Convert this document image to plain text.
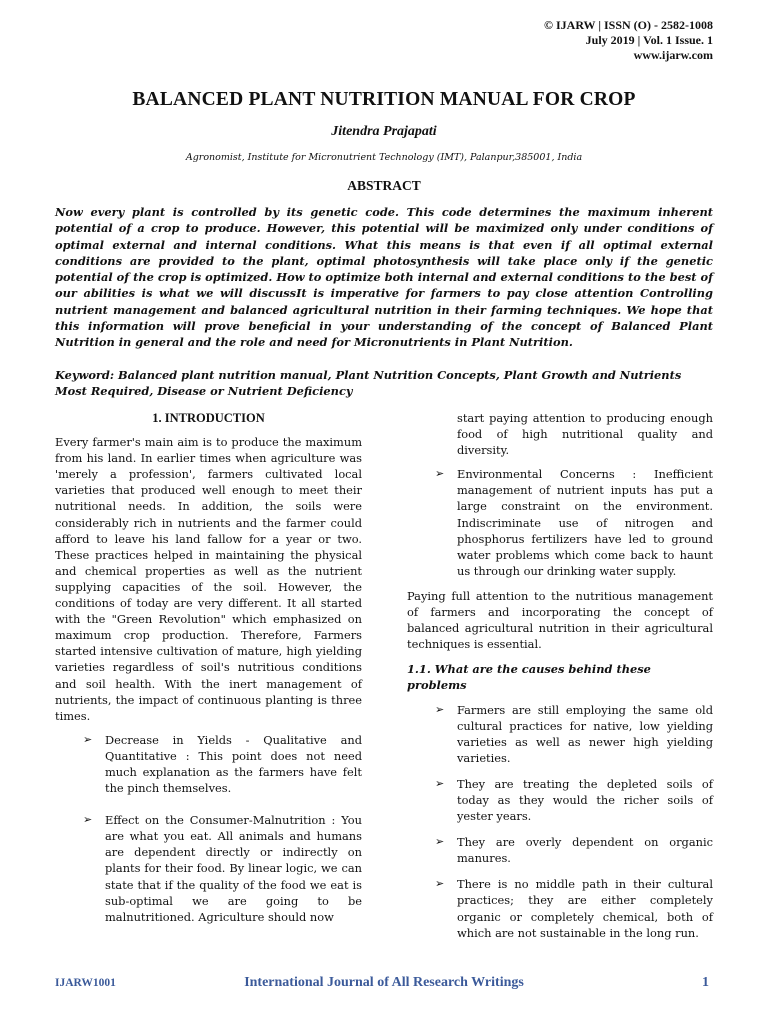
© IJARW | ISSN (O) - 2582-1008
July 2019 | Vol. 1 Issue. 1
www.ijarw.com
BALANCED PLANT NUTRITION MANUAL FOR CROP
Jitendra Prajapati
Agronomist, Institute for Micronutrient Technology (IMT), Palanpur,385001, India
ABSTRACT

Now every plant is controlled by its genetic code. This code determines the maximum inherent potential of a crop to produce. However, this potential will be maximized only under conditions of optimal external and internal conditions. What this means is that even if all optimal external conditions are provided to the plant, optimal photosynthesis will take place only if the genetic potential of the crop is optimized. How to optimize both internal and external conditions to the best of our abilities is what we will discussIt is imperative for farmers to pay close attention Controlling nutrient management and balanced agricultural nutrition in their farming techniques. We hope that this information will prove beneficial in your understanding of the concept of Balanced Plant Nutrition in general and the role and need for Micronutrients in Plant Nutrition.

Keyword: Balanced plant nutrition manual, Plant Nutrition Concepts, Plant Growth and Nutrients Most Required, Disease or Nutrient Deficiency

1. INTRODUCTION

Every farmer's main aim is to produce the maximum from his land. In earlier times when agriculture was 'merely a profession', farmers cultivated local varieties that produced well enough to meet their nutritional needs. In addition, the soils were considerably rich in nutrients and the farmer could afford to leave his land fallow for a year or two. These practices helped in maintaining the physical and chemical properties as well as the nutrient supplying capacities of the soil. However, the conditions of today are very different. It all started with the "Green Revolution" which emphasized on maximum crop production. Therefore, Farmers started intensive cultivation of mature, high yielding varieties regardless of soil's nutritious conditions and soil health. With the inert management of nutrients, the impact of continuous planting is three times.

➢ Decrease in Yields - Qualitative and Quantitative : This point does not need much explanation as the farmers have felt the pinch themselves.
➢ Effect on the Consumer-Malnutrition : You are what you eat. All animals and humans are dependent directly or indirectly on plants for their food. By linear logic, we can state that if the quality of the food we eat is sub-optimal we are going to be malnutritioned. Agriculture should now
start paying attention to producing enough food of high nutritional quality and diversity.
➢ Environmental Concerns : Inefficient management of nutrient inputs has put a large constraint on the environment. Indiscriminate use of nitrogen and phosphorus fertilizers have led to ground water problems which come back to haunt us through our drinking water supply.

Paying full attention to the nutritious management of farmers and incorporating the concept of balanced agricultural nutrition in their agricultural techniques is essential.

1.1. What are the causes behind these problems
➢ Farmers are still employing the same old cultural practices for native, low yielding varieties as well as newer high yielding varieties.
➢ They are treating the depleted soils of today as they would the richer soils of yester years.
➢ They are overly dependent on organic manures.
➢ There is no middle path in their cultural practices; they are either completely organic or completely chemical, both of which are not sustainable in the long run.
IJARW1001	International Journal of All Research Writings	1
